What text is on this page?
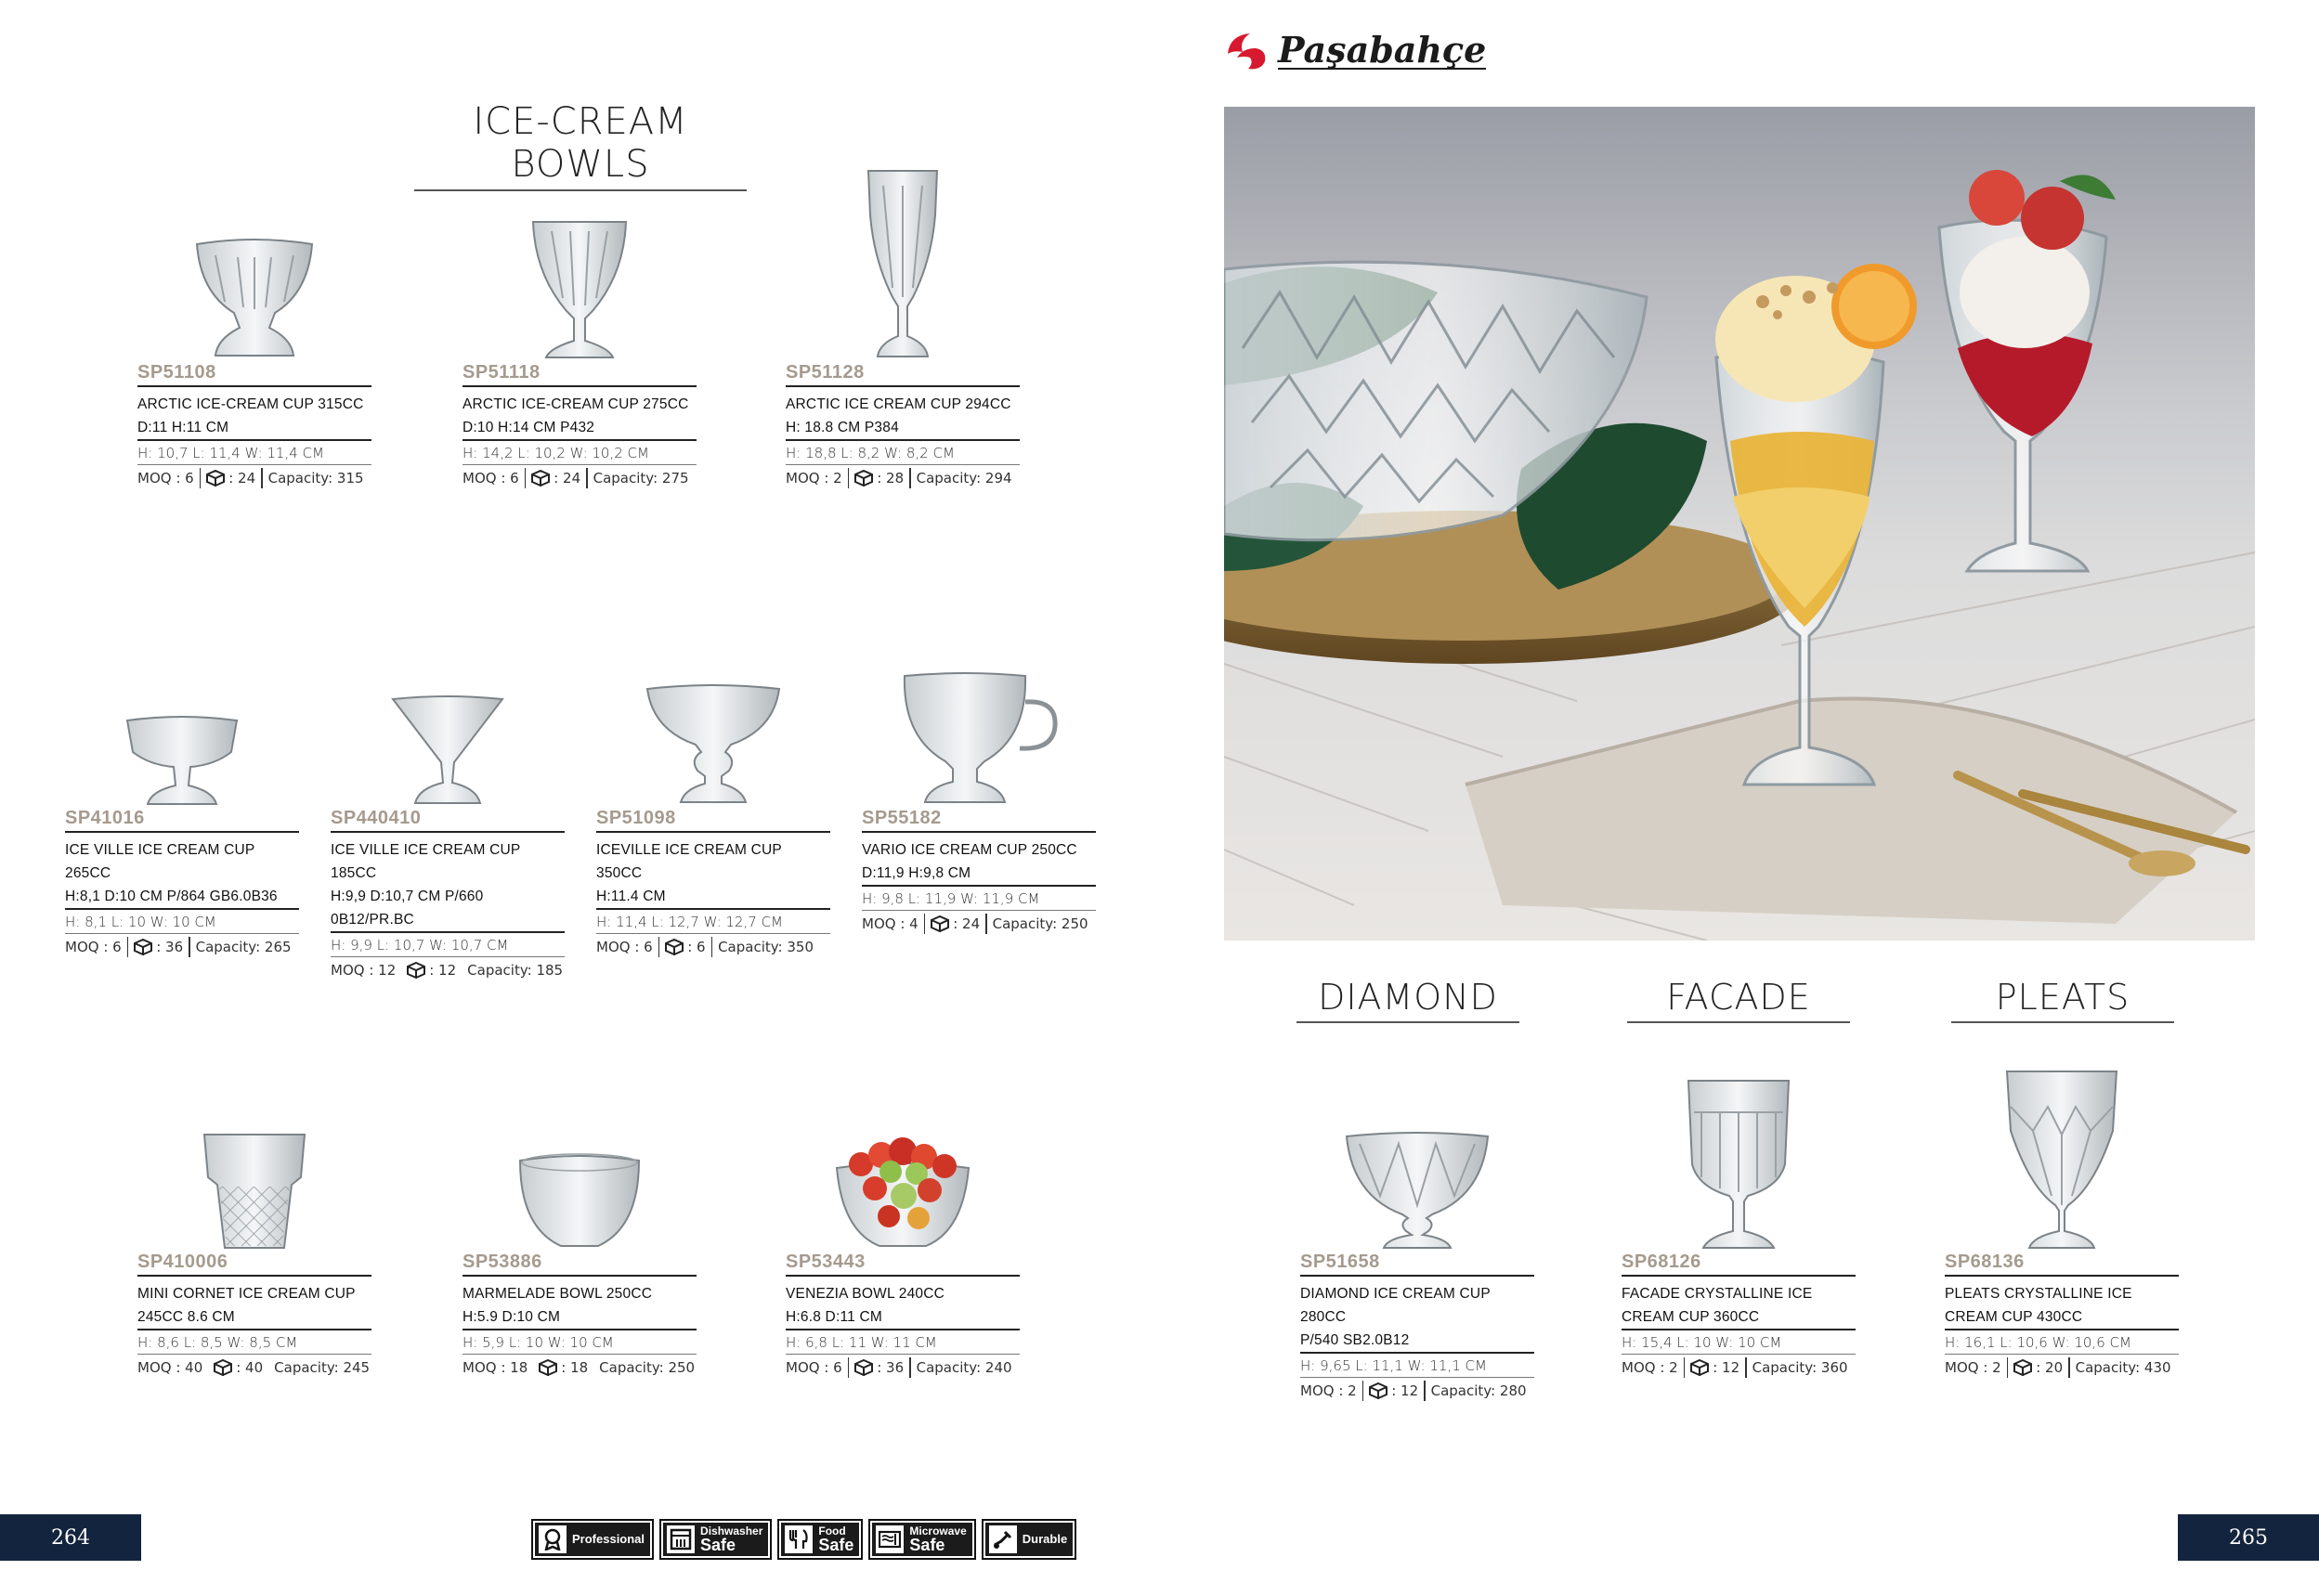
ICE-CREAM BOWLS
SP51108
ARCTIC ICE-CREAM CUP 315CC
D:11 H:11 CM
H: 10,7 L: 11,4 W: 11,4 CM
MOQ : 6	: 24 Capacity: 315
SP51118
ARCTIC ICE-CREAM CUP 275CC
D:10 H:14 CM P432
H: 14,2 L: 10,2 W: 10,2 CM
MOQ : 6	: 24 Capacity: 275
SP51128
ARCTIC ICE CREAM CUP 294CC
H: 18.8 CM P384
H: 18,8 L: 8,2 W: 8,2 CM
MOQ : 2	: 28 Capacity: 294
SP41016
ICE VILLE ICE CREAM CUP 265CC
H:8,1 D:10 CM P/864 GB6.0B36
H: 8,1 L: 10 W: 10 CM
MOQ : 6	: 36 Capacity: 265
SP440410
ICE VILLE ICE CREAM CUP 185CC
H:9,9 D:10,7 CM P/660 0B12/PR.BC
H: 9,9 L: 10,7 W: 10,7 CM
MOQ : 12	: 12 Capacity: 185
SP51098
ICEVILLE ICE CREAM CUP 350CC
H:11.4 CM
H: 11,4 L: 12,7 W: 12,7 CM
MOQ : 6	: 6 Capacity: 350
SP55182
VARIO ICE CREAM CUP 250CC
D:11,9 H:9,8 CM
H: 9,8 L: 11,9 W: 11,9 CM
MOQ : 4	: 24 Capacity: 250
SP410006
MINI CORNET ICE CREAM CUP
245CC 8.6 CM
H: 8,6 L: 8,5 W: 8,5 CM
MOQ : 40	: 40 Capacity: 245
SP53886
MARMELADE BOWL 250CC
H:5.9 D:10 CM
H: 5,9 L: 10 W: 10 CM
MOQ : 18	: 18 Capacity: 250
SP53443
VENEZIA BOWL 240CC
H:6.8 D:11 CM
H: 6,8 L: 11 W: 11 CM
MOQ : 6	: 36 Capacity: 240
264	Professional
Dishwasher
Safe
Food
Safe
Microwave
Safe	Durable
Paşabahçe
DIAMOND	FACADE	PLEATS
SP51658
DIAMOND ICE CREAM CUP 280CC
P/540 SB2.0B12
H: 9,65 L: 11,1 W: 11,1 CM
MOQ : 2	: 12 Capacity: 280
SP68126
FACADE CRYSTALLINE ICE
CREAM CUP 360CC
H: 15,4 L: 10 W: 10 CM
MOQ : 2	: 12 Capacity: 360
SP68136
PLEATS CRYSTALLINE ICE
CREAM CUP 430CC
H: 16,1 L: 10,6 W: 10,6 CM
MOQ : 2	: 20 Capacity: 430
265
